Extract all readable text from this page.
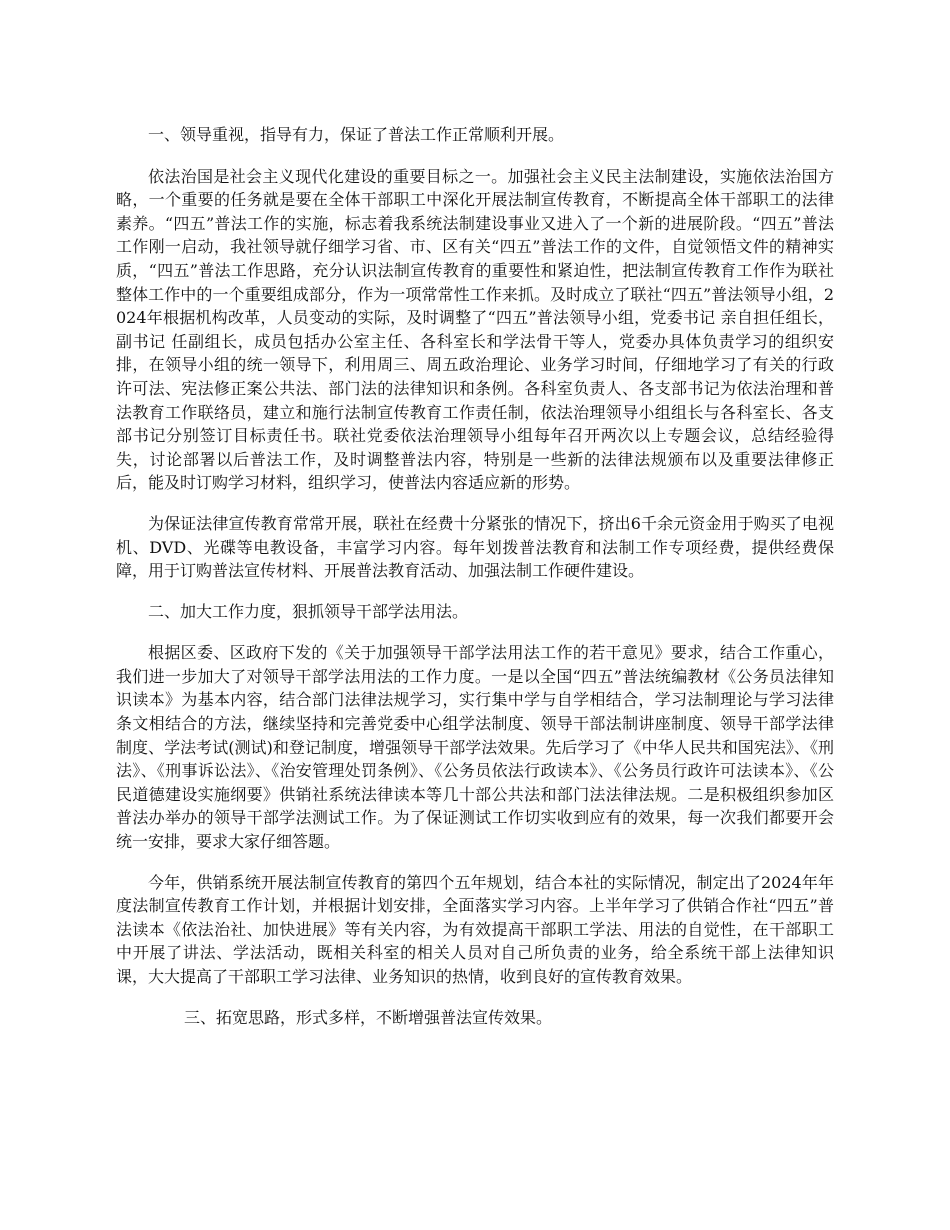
一、领导重视，指导有力，保证了普法工作正常顺利开展。

依法治国是社会主义现代化建设的重要目标之一。加强社会主义民主法制建设，实施依法治国方略，一个重要的任务就是要在全体干部职工中深化开展法制宣传教育，不断提高全体干部职工的法律素养。“四五”普法工作的实施，标志着我系统法制建设事业又进入了一个新的进展阶段。“四五”普法工作刚一启动，我社领导就仔细学习省、市、区有关“四五”普法工作的文件，自觉领悟文件的精神实质，“四五”普法工作思路，充分认识法制宣传教育的重要性和紧迫性，把法制宣传教育工作作为联社整体工作中的一个重要组成部分，作为一项常常性工作来抓。及时成立了联社“四五”普法领导小组，2024年根据机构改革，人员变动的实际，及时调整了“四五”普法领导小组，党委书记 亲自担任组长，副书记 任副组长，成员包括办公室主任、各科室长和学法骨干等人，党委办具体负责学习的组织安排，在领导小组的统一领导下，利用周三、周五政治理论、业务学习时间，仔细地学习了有关的行政许可法、宪法修正案公共法、部门法的法律知识和条例。各科室负责人、各支部书记为依法治理和普法教育工作联络员，建立和施行法制宣传教育工作责任制，依法治理领导小组组长与各科室长、各支部书记分别签订目标责任书。联社党委依法治理领导小组每年召开两次以上专题会议，总结经验得失，讨论部署以后普法工作，及时调整普法内容，特别是一些新的法律法规颁布以及重要法律修正后，能及时订购学习材料，组织学习，使普法内容适应新的形势。

为保证法律宣传教育常常开展，联社在经费十分紧张的情况下，挤出6千余元资金用于购买了电视机、DVD、光碟等电教设备，丰富学习内容。每年划拨普法教育和法制工作专项经费，提供经费保障，用于订购普法宣传材料、开展普法教育活动、加强法制工作硬件建设。

二、加大工作力度，狠抓领导干部学法用法。

根据区委、区政府下发的《关于加强领导干部学法用法工作的若干意见》要求，结合工作重心，我们进一步加大了对领导干部学法用法的工作力度。一是以全国“四五”普法统编教材《公务员法律知识读本》为基本内容，结合部门法律法规学习，实行集中学与自学相结合，学习法制理论与学习法律条文相结合的方法，继续坚持和完善党委中心组学法制度、领导干部法制讲座制度、领导干部学法律制度、学法考试(测试)和登记制度，增强领导干部学法效果。先后学习了《中华人民共和国宪法》、《刑法》、《刑事诉讼法》、《治安管理处罚条例》、《公务员依法行政读本》、《公务员行政许可法读本》、《公民道德建设实施纲要》供销社系统法律读本等几十部公共法和部门法法律法规。二是积极组织参加区普法办举办的领导干部学法测试工作。为了保证测试工作切实收到应有的效果，每一次我们都要开会统一安排，要求大家仔细答题。

今年，供销系统开展法制宣传教育的第四个五年规划，结合本社的实际情况，制定出了2024年年度法制宣传教育工作计划，并根据计划安排，全面落实学习内容。上半年学习了供销合作社“四五”普法读本《依法治社、加快进展》等有关内容，为有效提高干部职工学法、用法的自觉性，在干部职工中开展了讲法、学法活动，既相关科室的相关人员对自己所负责的业务，给全系统干部上法律知识课，大大提高了干部职工学习法律、业务知识的热情，收到良好的宣传教育效果。

三、拓宽思路，形式多样，不断增强普法宣传效果。
